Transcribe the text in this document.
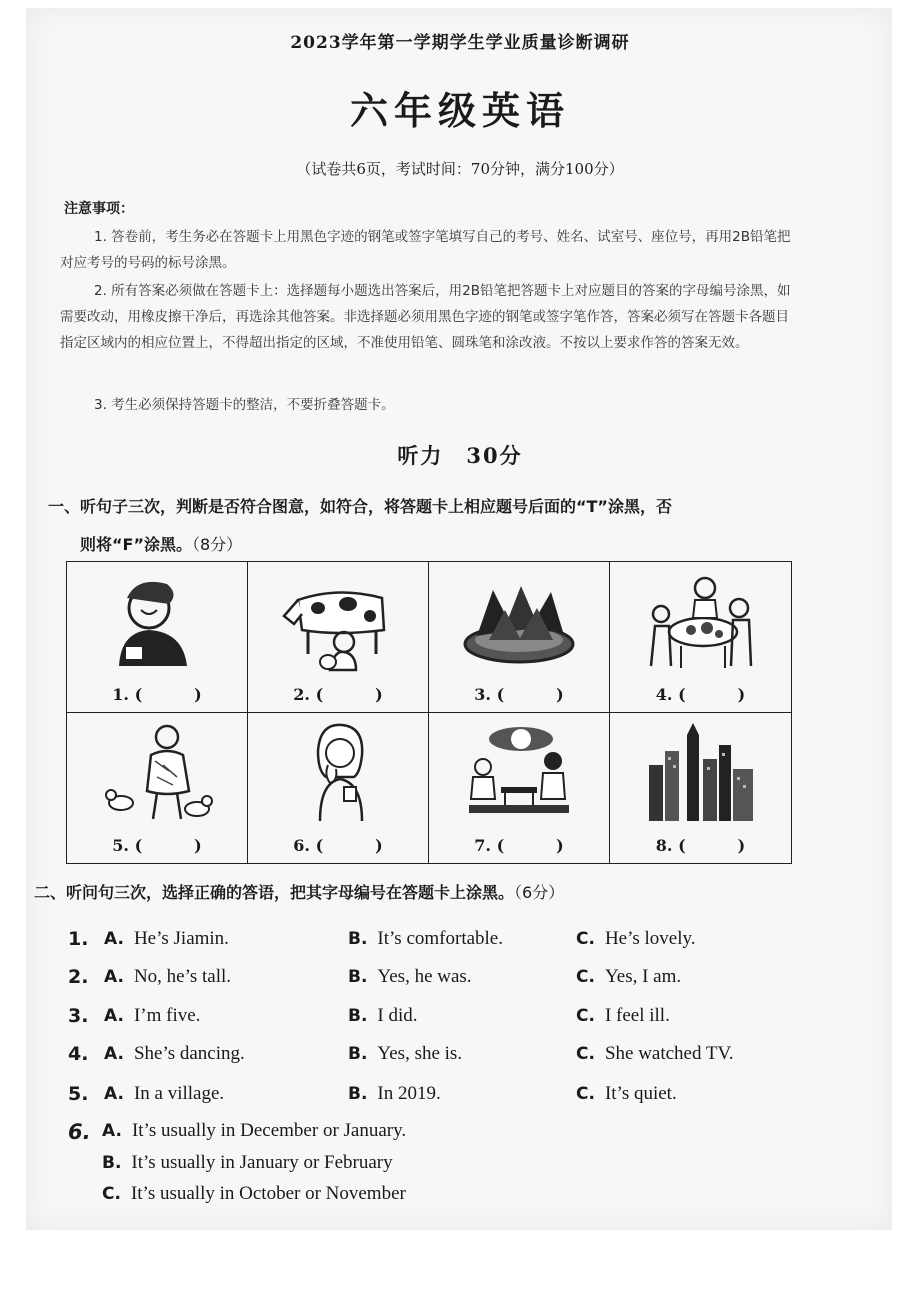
2023学年第一学期学生学业质量诊断调研
六年级英语
（试卷共6页，考试时间：70分钟，满分100分）
注意事项：
1. 答卷前，考生务必在答题卡上用黑色字迹的钢笔或签字笔填写自己的考号、姓名、试室号、座位号，再用2B铅笔把对应考号的号码的标号涂黑。
2. 所有答案必须做在答题卡上：选择题每小题选出答案后，用2B铅笔把答题卡上对应题目的答案的字母编号涂黑，如需要改动，用橡皮擦干净后，再选涂其他答案。非选择题必须用黑色字迹的钢笔或签字笔作答，答案必须写在答题卡各题目指定区域内的相应位置上，不得超出指定的区域，不准使用铅笔、圆珠笔和涂改液。不按以上要求作答的答案无效。
3. 考生必须保持答题卡的整洁，不要折叠答题卡。
听力　30分
一、听句子三次，判断是否符合图意，如符合，将答题卡上相应题号后面的“T”涂黑，否
则将“F”涂黑。（8分）
1. (	)	2. (	)	3. (	)	4. (	)
5. (	)	6. (	)	7. (	)	8. (	)
二、听问句三次，选择正确的答语，把其字母编号在答题卡上涂黑。（6分）
1. A. He’s Jiamin.	B. It’s comfortable.	C. He’s lovely.
2. A. No, he’s tall.	B. Yes, he was.	C. Yes, I am.
3. A. I’m five.	B. I did.	C. I feel ill.
4. A. She’s dancing.	B. Yes, she is.	C. She watched TV.
5. A. In a village.	B. In 2019.	C. It’s quiet.
6. A. It’s usually in December or January.
B. It’s usually in January or February
C. It’s usually in October or November
